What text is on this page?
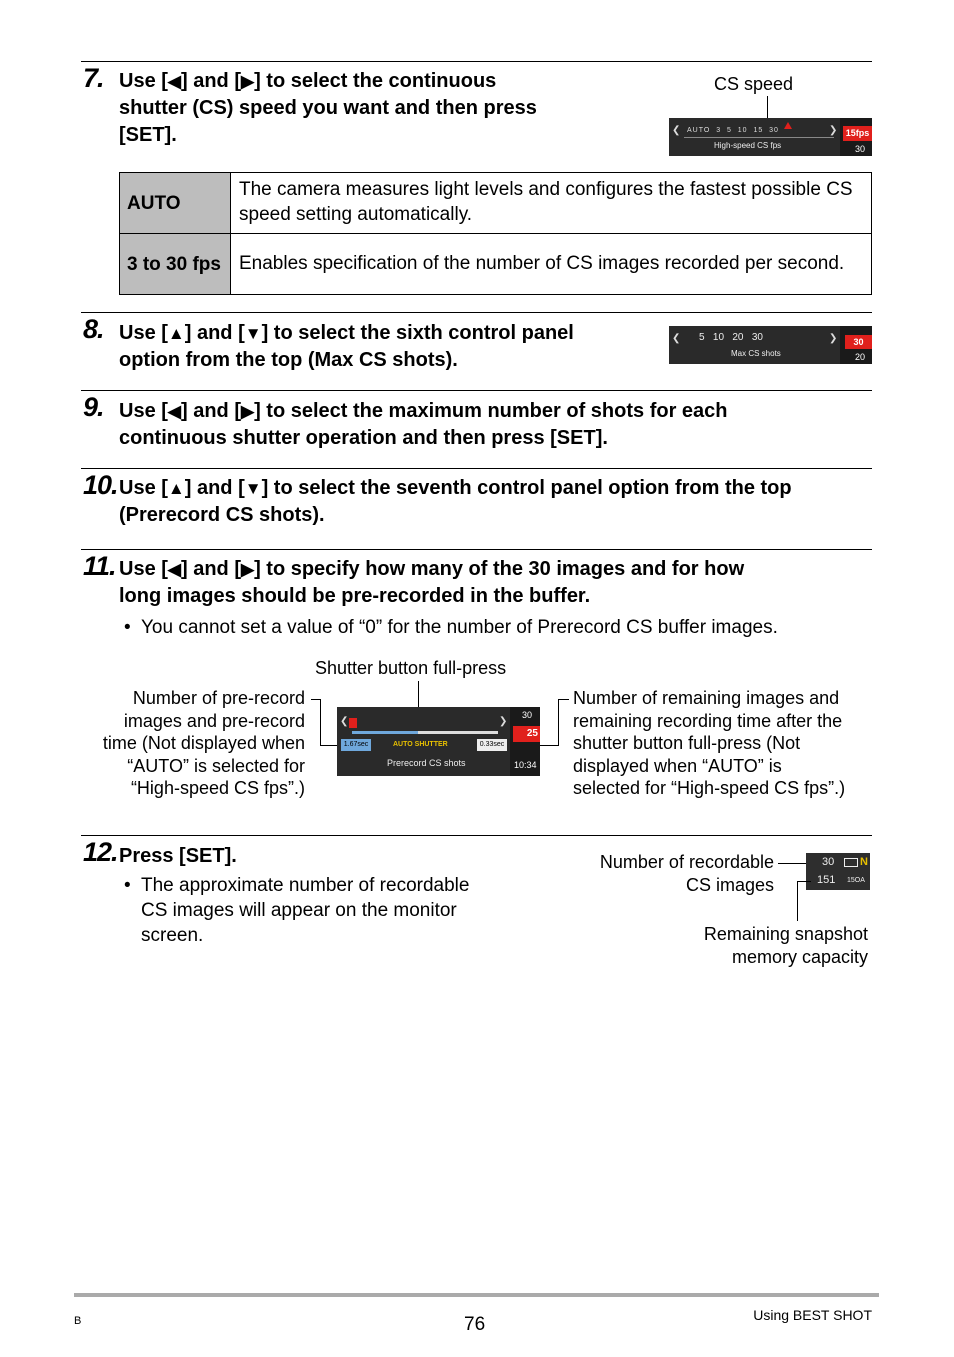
7. Use [◀] and [▶] to select the continuous
shutter (CS) speed you want and then press
[SET].
CS speed
❮ AUTO  3  5  10  15  30	❯
High-speed CS fps
15fps
30
AUTO	The camera measures light levels and configures the fastest possible CS speed setting automatically.
3 to 30 fps	Enables specification of the number of CS images recorded per second.
8. Use [▲] and [▼] to select the sixth control panel
option from the top (Max CS shots).
❮ 5   10   20   30	❯
Max CS shots
30
20
9. Use [◀] and [▶] to select the maximum number of shots for each
continuous shutter operation and then press [SET].
10. Use [▲] and [▼] to select the seventh control panel option from the top
(Prerecord CS shots).
11. Use [◀] and [▶] to specify how many of the 30 images and for how
long images should be pre-recorded in the buffer.
• You cannot set a value of “0” for the number of Prerecord CS buffer images.
Shutter button full-press
Number of pre-record
images and pre-record
time (Not displayed when
“AUTO” is selected for
“High-speed CS fps”.)
Number of remaining images and
remaining recording time after the
shutter button full-press (Not
displayed when “AUTO” is
selected for “High-speed CS fps”.)
❮	❯
1.67sec	AUTO SHUTTER	0.33sec
Prerecord CS shots
30
25
10:34
12. Press [SET].
• The approximate number of recordable
CS images will appear on the monitor
screen.
Number of recordable
CS images
30 N
151 15OA
Remaining snapshot
memory capacity
B	76	Using BEST SHOT
